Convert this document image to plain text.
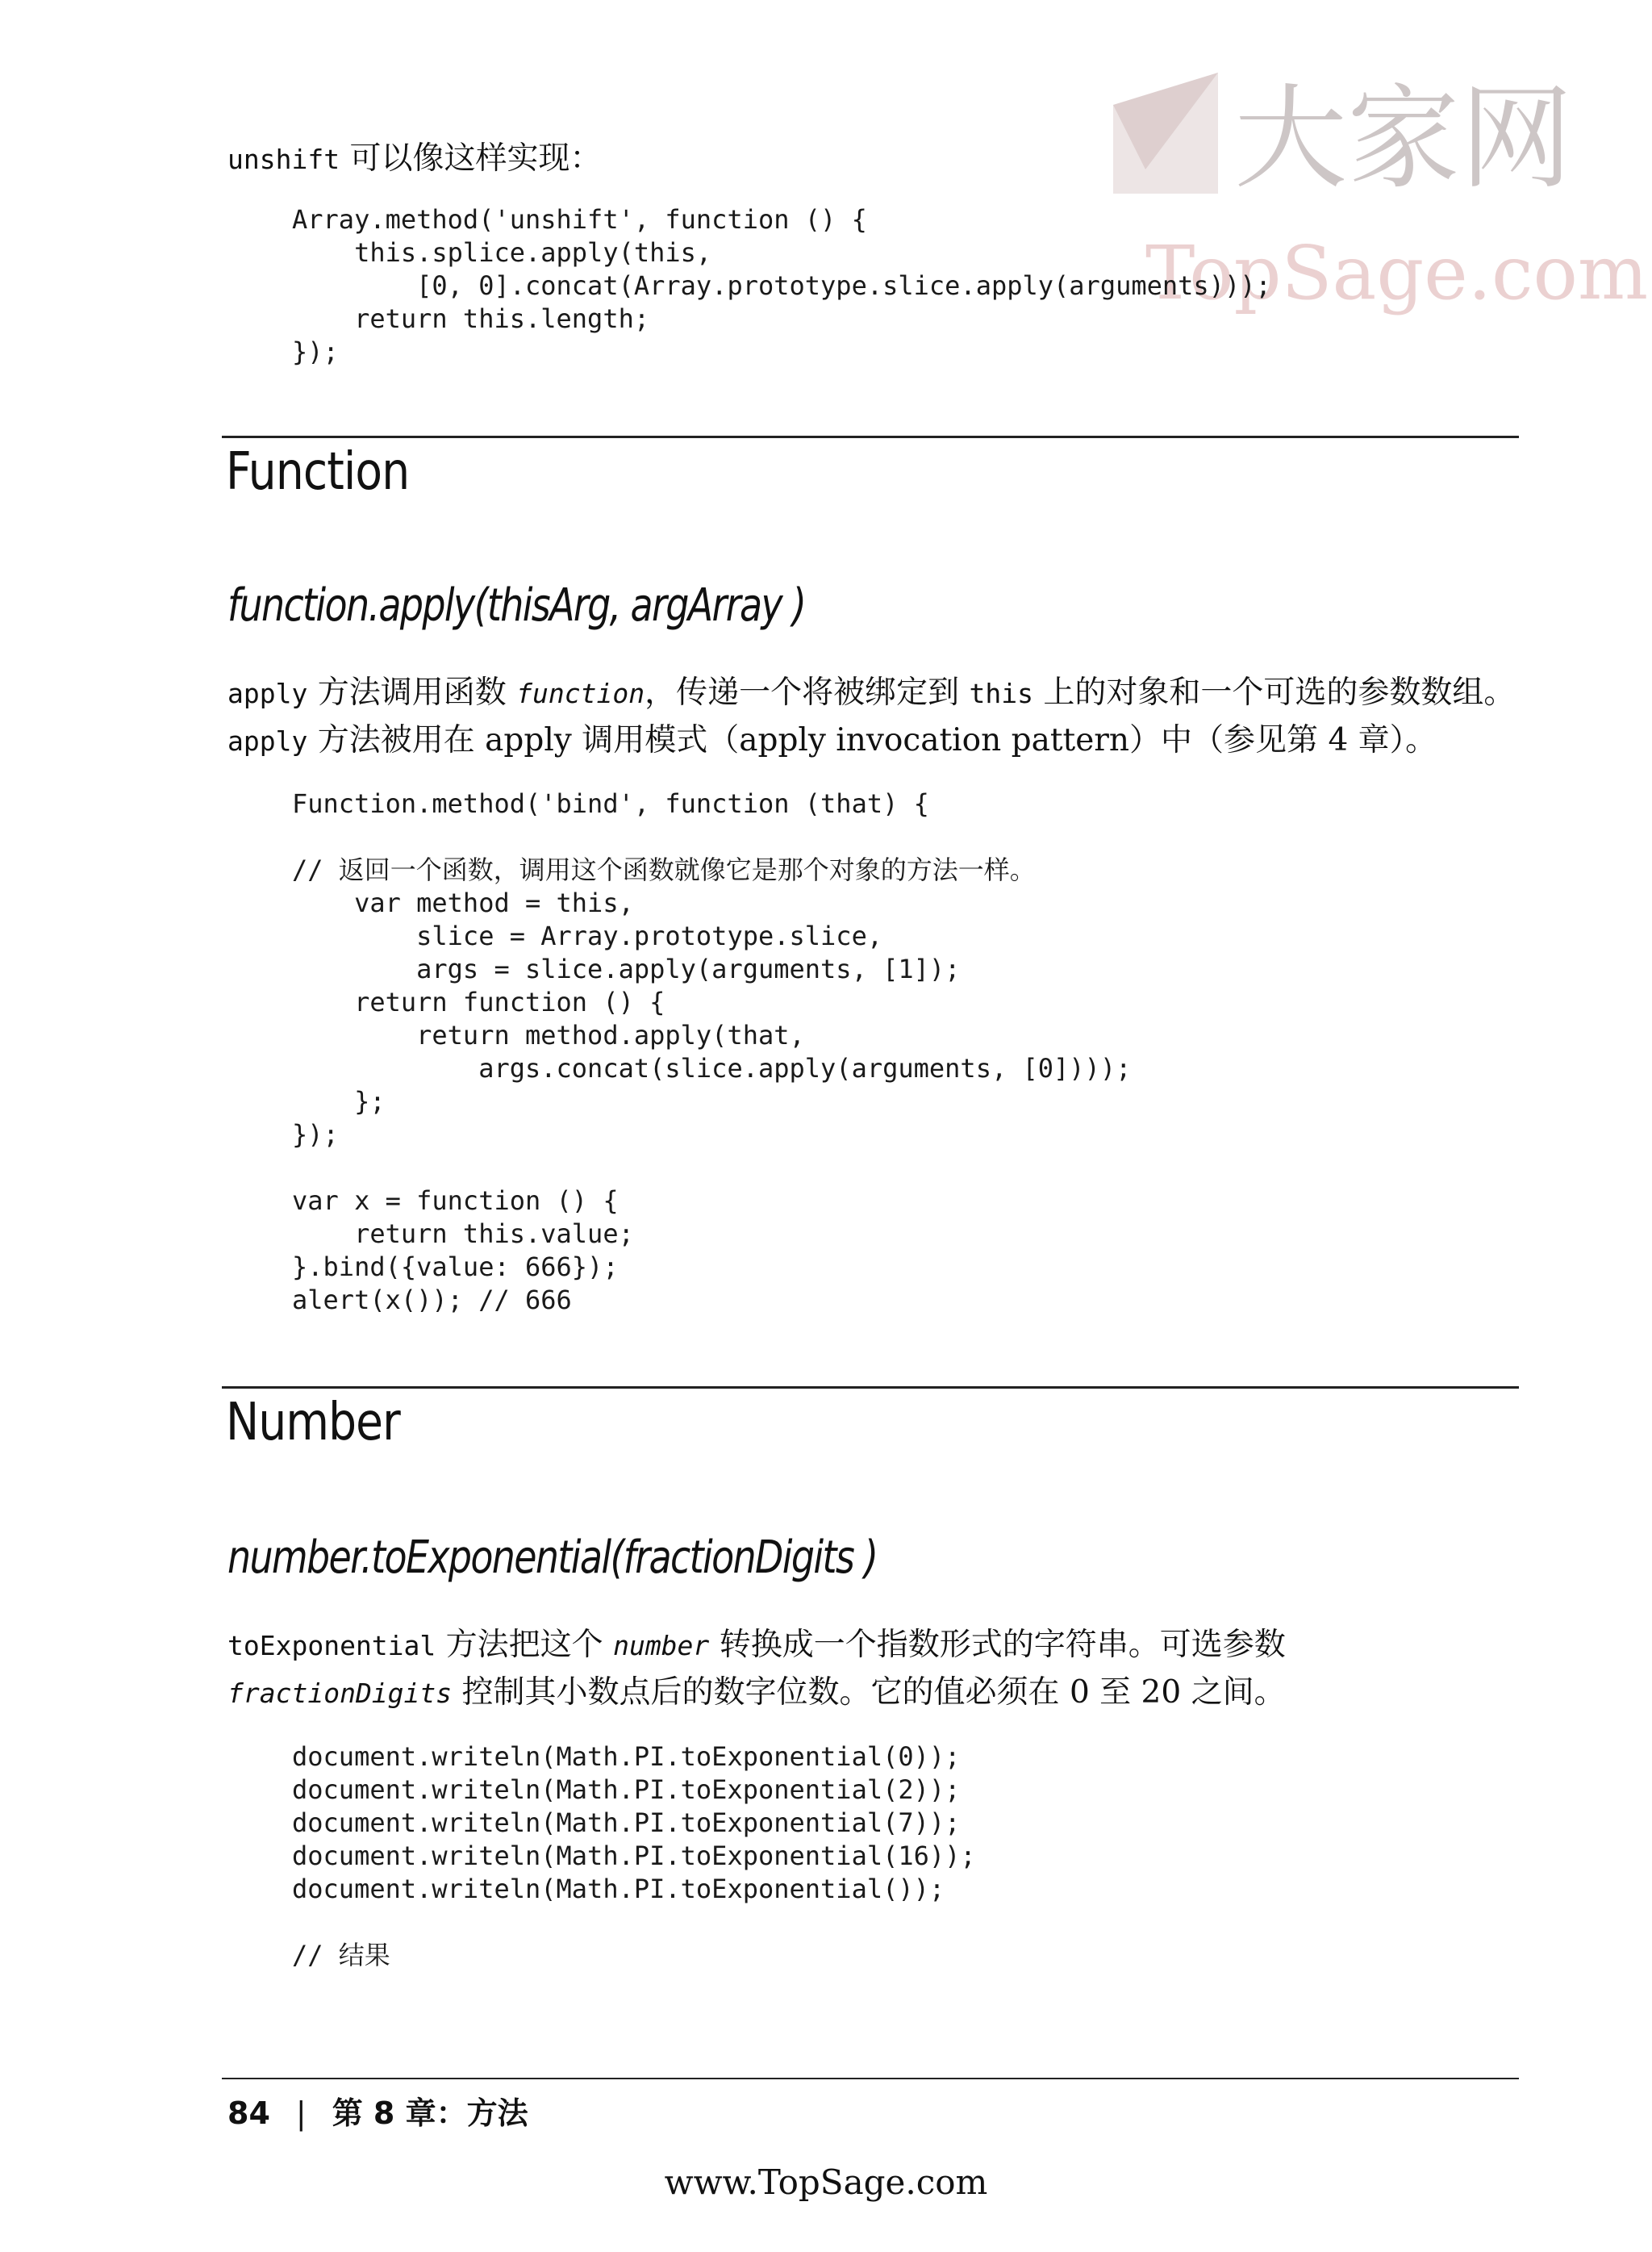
大家网
TopSage.com

unshift 可以像这样实现：

Array.method('unshift', function () {
this.splice.apply(this,
[0, 0].concat(Array.prototype.slice.apply(arguments)));
return this.length;
});
Function
function.apply(thisArg, argArray )

apply 方法调用函数 function，传递一个将被绑定到 this 上的对象和一个可选的参数数组。apply 方法被用在 apply 调用模式（apply invocation pattern）中（参见第 4 章）。

Function.method('bind', function (that) {

// 返回一个函数，调用这个函数就像它是那个对象的方法一样。
var method = this,
slice = Array.prototype.slice,
args = slice.apply(arguments, [1]);
return function () {
return method.apply(that,
args.concat(slice.apply(arguments, [0])));
};
});

var x = function () {
return this.value;
}.bind({value: 666});
alert(x()); // 666
Number
number.toExponential(fractionDigits )

toExponential 方法把这个 number 转换成一个指数形式的字符串。可选参数 fractionDigits 控制其小数点后的数字位数。它的值必须在 0 至 20 之间。

document.writeln(Math.PI.toExponential(0));
document.writeln(Math.PI.toExponential(2));
document.writeln(Math.PI.toExponential(7));
document.writeln(Math.PI.toExponential(16));
document.writeln(Math.PI.toExponential());

// 结果
84 | 第 8 章：方法
www.TopSage.com
